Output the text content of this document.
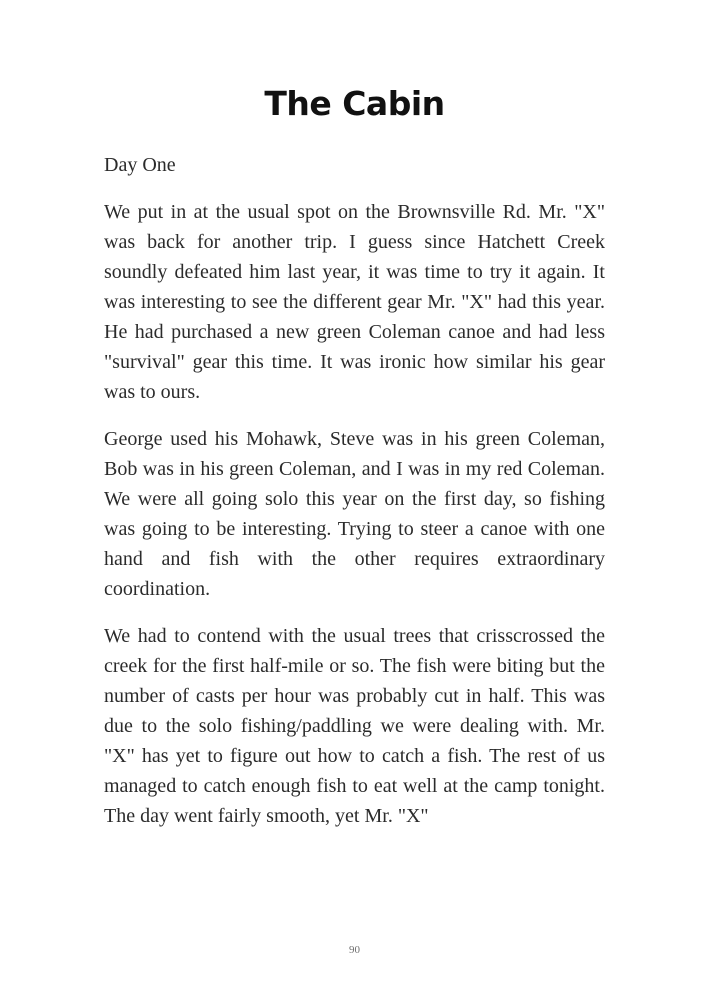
The Cabin

Day One

We put in at the usual spot on the Brownsville Rd. Mr. "X" was back for another trip. I guess since Hatchett Creek soundly defeated him last year, it was time to try it again. It was interesting to see the different gear Mr. "X" had this year. He had purchased a new green Coleman canoe and had less "survival" gear this time. It was ironic how similar his gear was to ours.

George used his Mohawk, Steve was in his green Coleman, Bob was in his green Coleman, and I was in my red Coleman. We were all going solo this year on the first day, so fishing was going to be interesting. Trying to steer a canoe with one hand and fish with the other requires extraordinary coordination.

We had to contend with the usual trees that crisscrossed the creek for the first half-mile or so. The fish were biting but the number of casts per hour was probably cut in half. This was due to the solo fishing/paddling we were dealing with. Mr. "X" has yet to figure out how to catch a fish. The rest of us managed to catch enough fish to eat well at the camp tonight. The day went fairly smooth, yet Mr. "X"

90
